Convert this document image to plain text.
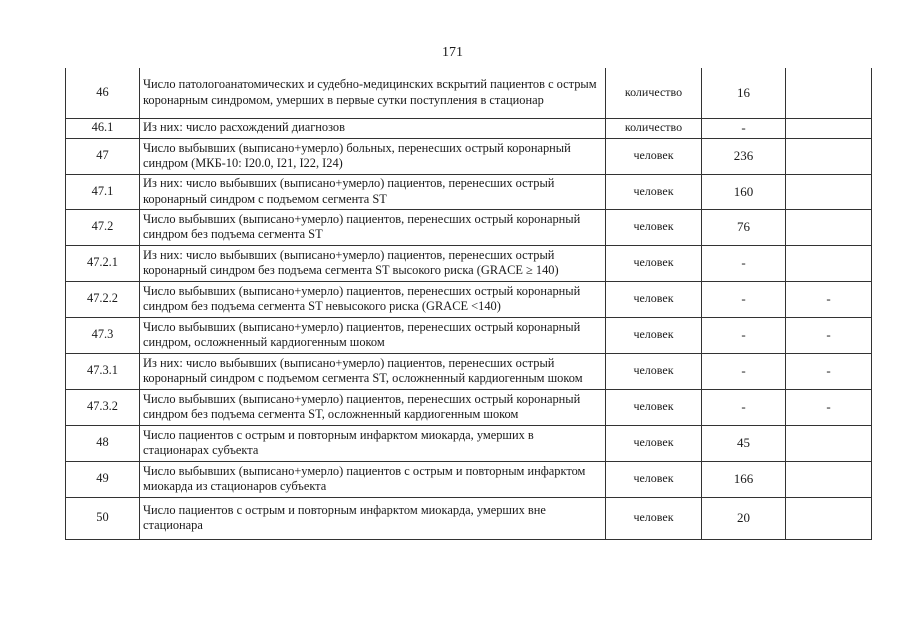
171
46	Число патологоанатомических и судебно-медицинских вскрытий пациентов с острым коронарным синдромом, умерших в первые сутки поступления в стационар	количество	16	
46.1	Из них: число расхождений диагнозов	количество	-	
47	Число выбывших (выписано+умерло) больных, перенесших острый коронарный синдром (МКБ-10: I20.0, I21, I22, I24)	человек	236	
47.1	Из них: число выбывших (выписано+умерло) пациентов, перенесших острый коронарный синдром с подъемом сегмента ST	человек	160	
47.2	Число выбывших (выписано+умерло) пациентов, перенесших острый коронарный синдром без подъема сегмента ST	человек	76	
47.2.1	Из них: число выбывших (выписано+умерло) пациентов, перенесших острый коронарный синдром без подъема сегмента ST высокого риска (GRACE ≥ 140)	человек	-	
47.2.2	Число выбывших (выписано+умерло) пациентов, перенесших острый коронарный синдром без подъема сегмента ST невысокого риска (GRACE <140)	человек	-	-
47.3	Число выбывших (выписано+умерло) пациентов, перенесших острый коронарный синдром, осложненный кардиогенным шоком	человек	-	-
47.3.1	Из них: число выбывших (выписано+умерло) пациентов, перенесших острый коронарный синдром с подъемом сегмента ST, осложненный кардиогенным шоком	человек	-	-
47.3.2	Число выбывших (выписано+умерло) пациентов, перенесших острый коронарный синдром без подъема сегмента ST, осложненный кардиогенным шоком	человек	-	-
48	Число пациентов с острым и повторным инфарктом миокарда, умерших в стационарах субъекта	человек	45	
49	Число выбывших (выписано+умерло) пациентов с острым и повторным инфарктом миокарда из стационаров субъекта	человек	166	
50	Число пациентов с острым и повторным инфарктом миокарда, умерших вне стационара	человек	20	
